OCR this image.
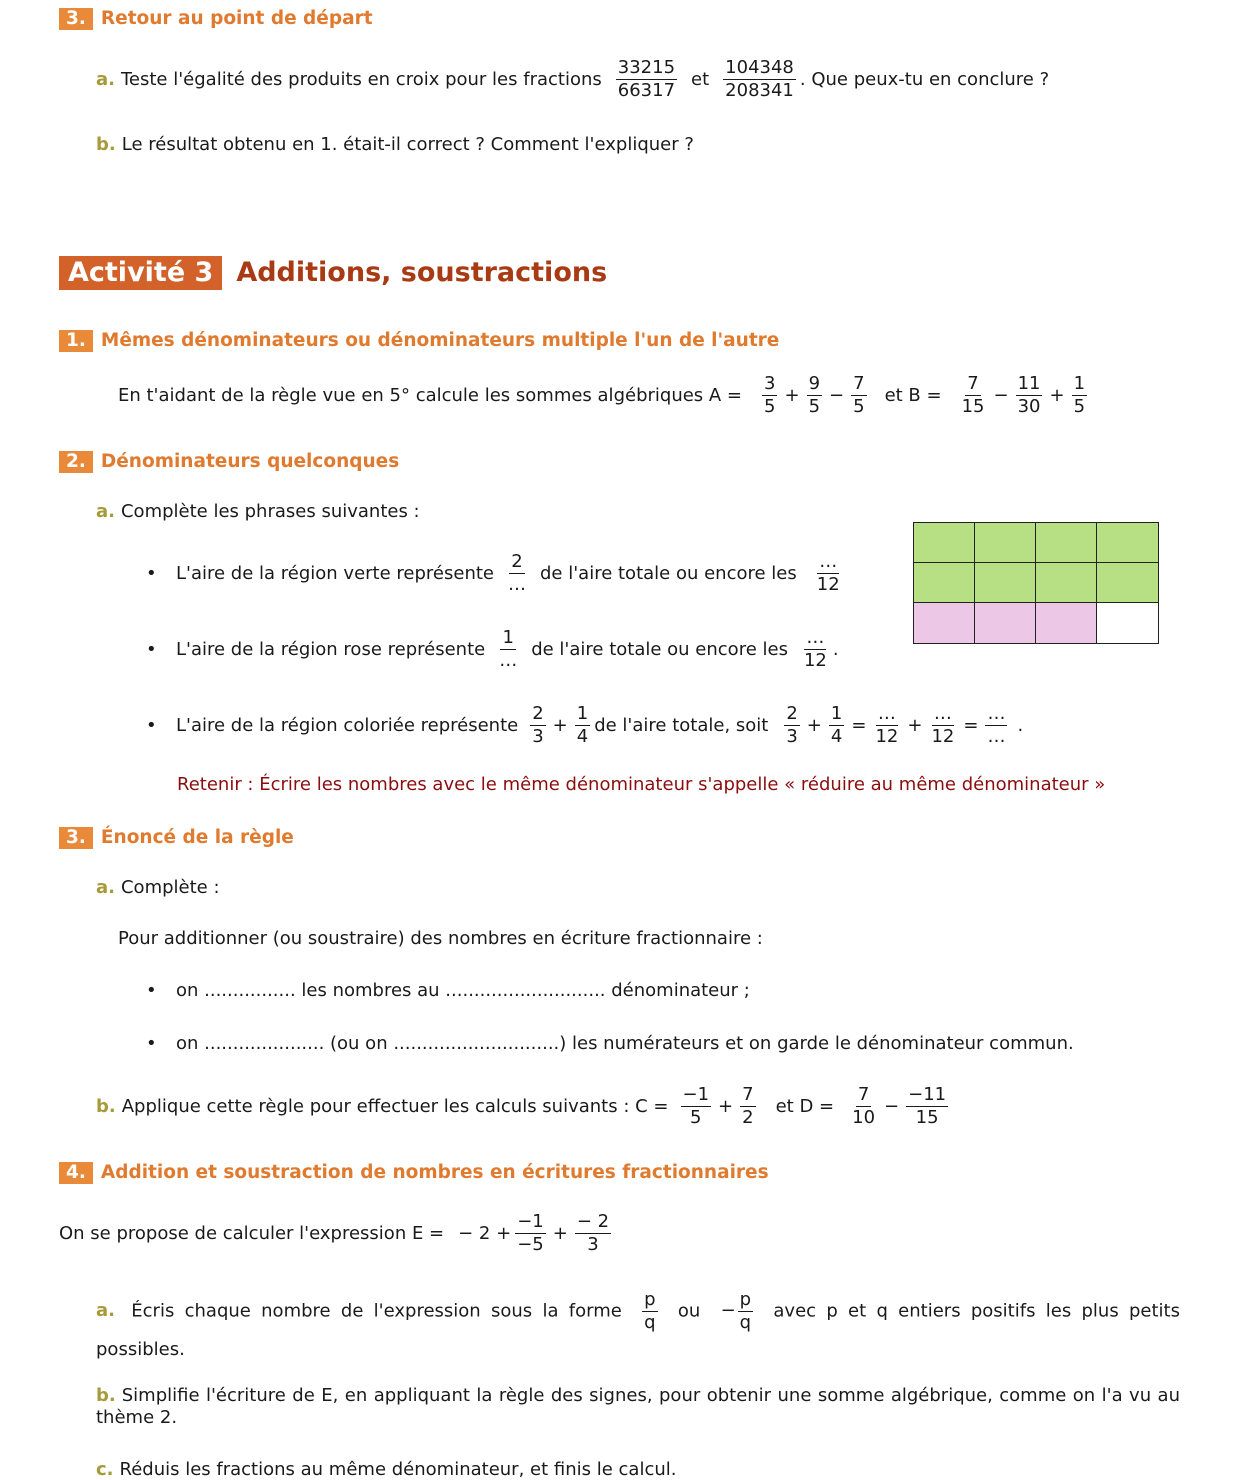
3. Retour au point de départ
a. Teste l'égalité des produits en croix pour les fractions $\frac{33215}{66317}$ et $\frac{104348}{208341}$ . Que peux-tu en conclure ?
b. Le résultat obtenu en 1. était-il correct ? Comment l'expliquer ?
Activité 3 Additions, soustractions
1. Mêmes dénominateurs ou dénominateurs multiple l'un de l'autre
En t'aidant de la règle vue en 5° calcule les sommes algébriques $A = \frac{3}{5} + \frac{9}{5} - \frac{7}{5}$ et $B = \frac{7}{15} - \frac{11}{30} + \frac{1}{5}$
2. Dénominateurs quelconques
a. Complète les phrases suivantes :
•	L'aire de la région verte représente $\frac{2}{\dots}$ de l'aire totale ou encore les $\frac{\dots}{12}$
•	L'aire de la région rose représente $\frac{1}{\dots}$ de l'aire totale ou encore les $\frac{\dots}{12}$ .
•	L'aire de la région coloriée représente $\frac{2}{3} + \frac{1}{4}$ de l'aire totale, soit $\frac{2}{3} + \frac{1}{4} = \frac{\dots}{12} + \frac{\dots}{12} = \frac{\dots}{\dots}$ .
Retenir : Écrire les nombres avec le même dénominateur s'appelle « réduire au même dénominateur »
3. Énoncé de la règle
a. Complète :
Pour additionner (ou soustraire) des nombres en écriture fractionnaire :
• on ................ les nombres au ............................ dénominateur ;
• on ..................... (ou on .............................) les numérateurs et on garde le dénominateur commun.
b. Applique cette règle pour effectuer les calculs suivants : $C = \frac{-1}{5} + \frac{7}{2}$ et $D = \frac{7}{10} - \frac{-11}{15}$
4. Addition et soustraction de nombres en écritures fractionnaires
On se propose de calculer l'expression E = − $2 + \frac{-1}{-5} + \frac{- 2}{3}$
a. Écris chaque nombre de l'expression sous la forme $\frac{p}{q}$ ou − $\frac{p}{q}$ avec p et q entiers positifs les plus petits possibles.
b. Simplifie l'écriture de E, en appliquant la règle des signes, pour obtenir une somme algébrique, comme on l'a vu au thème 2.
c. Réduis les fractions au même dénominateur, et finis le calcul.
